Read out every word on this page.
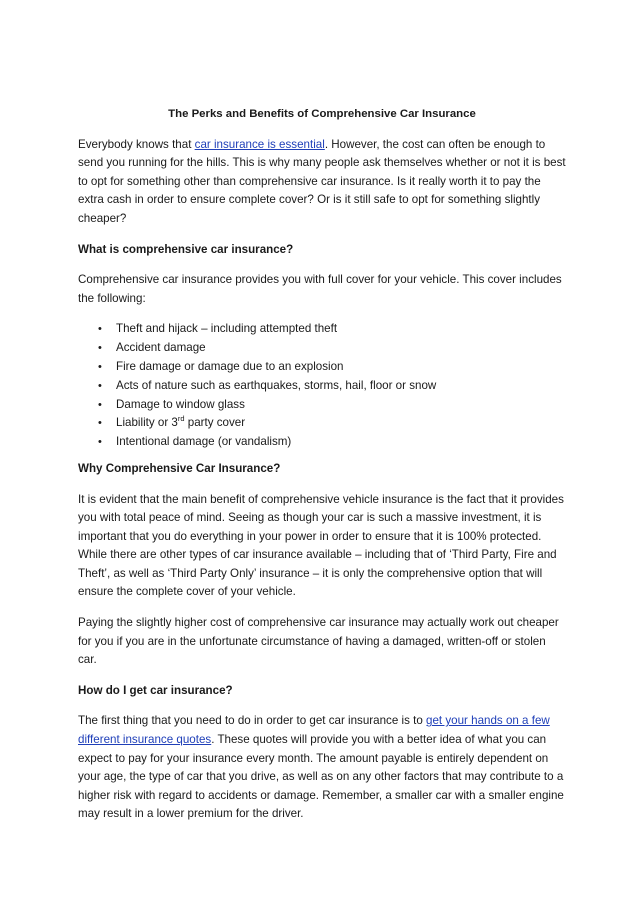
The Perks and Benefits of Comprehensive Car Insurance

Everybody knows that car insurance is essential. However, the cost can often be enough to send you running for the hills. This is why many people ask themselves whether or not it is best to opt for something other than comprehensive car insurance. Is it really worth it to pay the extra cash in order to ensure complete cover? Or is it still safe to opt for something slightly cheaper?

What is comprehensive car insurance?

Comprehensive car insurance provides you with full cover for your vehicle. This cover includes the following:

• Theft and hijack – including attempted theft
• Accident damage
• Fire damage or damage due to an explosion
• Acts of nature such as earthquakes, storms, hail, floor or snow
• Damage to window glass
• Liability or 3rd party cover
• Intentional damage (or vandalism)
Why Comprehensive Car Insurance?

It is evident that the main benefit of comprehensive vehicle insurance is the fact that it provides you with total peace of mind. Seeing as though your car is such a massive investment, it is important that you do everything in your power in order to ensure that it is 100% protected. While there are other types of car insurance available – including that of ‘Third Party, Fire and Theft’, as well as ‘Third Party Only’ insurance – it is only the comprehensive option that will ensure the complete cover of your vehicle.

Paying the slightly higher cost of comprehensive car insurance may actually work out cheaper for you if you are in the unfortunate circumstance of having a damaged, written-off or stolen car.

How do I get car insurance?

The first thing that you need to do in order to get car insurance is to get your hands on a few different insurance quotes. These quotes will provide you with a better idea of what you can expect to pay for your insurance every month. The amount payable is entirely dependent on your age, the type of car that you drive, as well as on any other factors that may contribute to a higher risk with regard to accidents or damage. Remember, a smaller car with a smaller engine may result in a lower premium for the driver.
